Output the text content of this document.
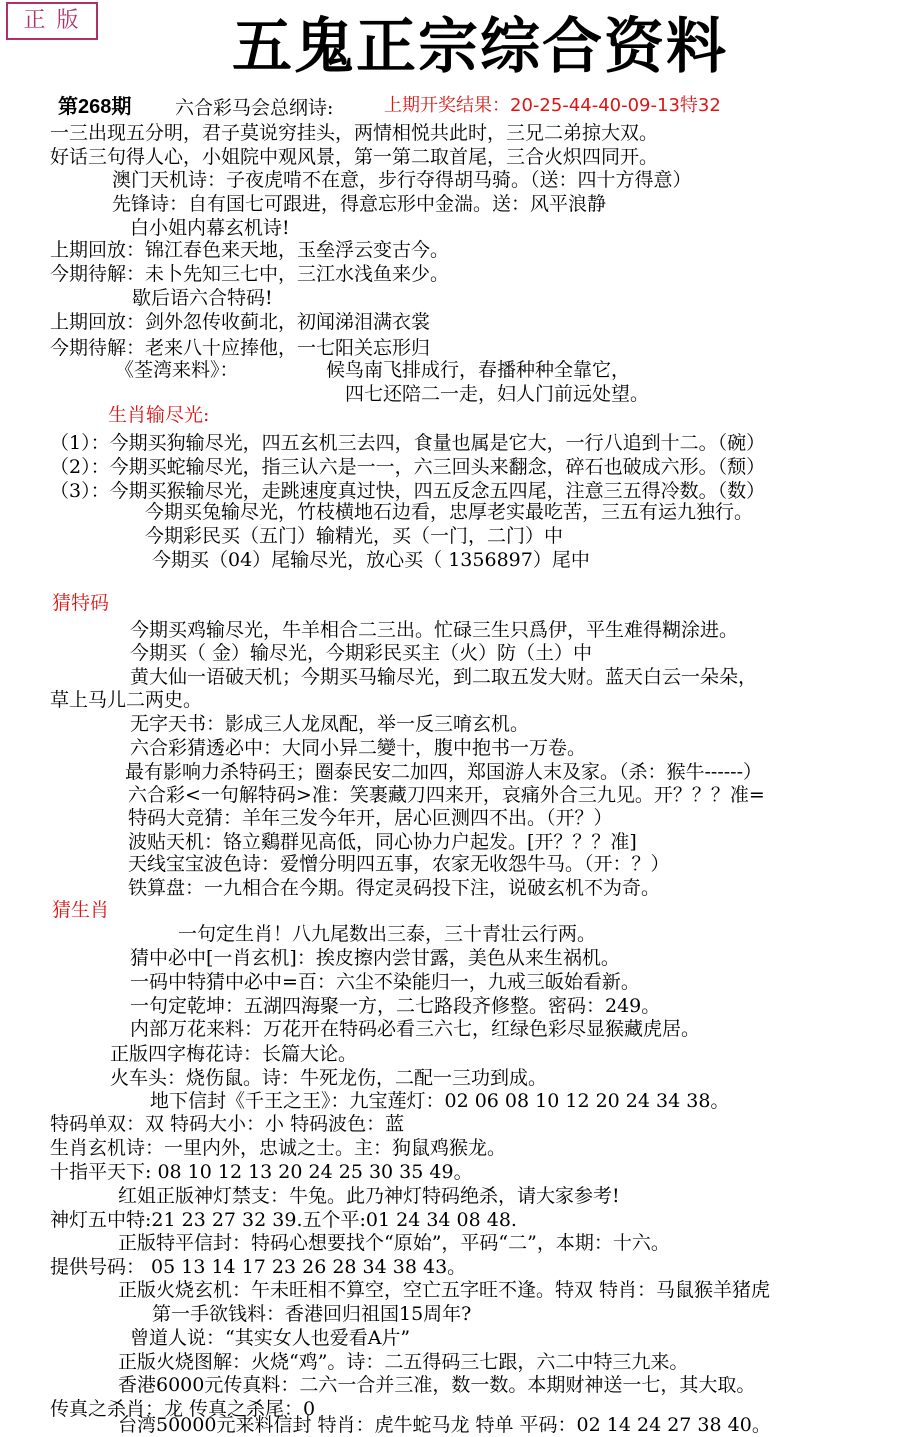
正 版	五鬼正宗综合资料
第268期	上期开奖结果：20-25-44-40-09-13特32
六合彩马会总纲诗:
一三出现五分明，君子莫说穷挂头，两情相悦共此时，三兄二弟掠大双。
好话三句得人心，小姐院中观风景，第一第二取首尾，三合火炽四同开。
澳门天机诗：子夜虎啃不在意，步行夺得胡马骑。（送：四十方得意）
先锋诗：自有国七可跟进，得意忘形中金湍。送：风平浪静
白小姐内幕玄机诗!
上期回放：锦江春色来天地，玉垒浮云变古今。
今期待解：未卜先知三七中，三江水浅鱼来少。
歇后语六合特码!
上期回放：剑外忽传收蓟北，初闻涕泪满衣裳
今期待解：老来八十应捧他，一七阳关忘形归
《荃湾来料》：	候鸟南飞排成行，春播种种全靠它，
四七还陪二一走，妇人门前远处望。
生肖输尽光:
（1）：今期买狗输尽光，四五玄机三去四，食量也属是它大，一行八追到十二。（碗）
（2）：今期买蛇输尽光，指三认六是一一，六三回头来翻念，碎石也破成六形。（颓）
（3）：今期买猴输尽光，走跳速度真过快，四五反念五四尾，注意三五得冷数。（数）
今期买兔输尽光，竹枝横地石边看，忠厚老实最吃苦，三五有运九独行。
今期彩民买（五门）输精光，买（一门，二门）中
今期买（04）尾输尽光，放心买（ 1356897）尾中
猜特码
今期买鸡输尽光，牛羊相合二三出。忙碌三生只爲伊，平生难得糊涂进。
今期买（ 金）输尽光，今期彩民买主（火）防（土）中
黄大仙一语破天机；今期买马输尽光，到二取五发大财。蓝天白云一朵朵，
草上马儿二两史。
无字天书：影成三人龙凤配，举一反三唷玄机。
六合彩猜透必中：大同小异二變十，腹中抱书一万卷。
最有影响力杀特码王；圈泰民安二加四，郑国游人末及家。（杀：猴牛------）
六合彩<一句解特码>准：笑裹藏刀四来开，哀痛外合三九见。开？？？准=
特码大竞猜：羊年三发今年开，居心叵测四不出。（开？）
波贴天机：铬立鷄群见高低，同心协力户起发。[开？？？准]
天线宝宝波色诗：爱憎分明四五事，农家无收怨牛马。（开：？）
铁算盘：一九相合在今期。得定灵码投下注，说破玄机不为奇。
猜生肖
一句定生肖！八九尾数出三泰，三十青壮云行两。
猜中必中[一肖玄机]：挨皮擦内尝甘露，美色从来生祸机。
一码中特猜中必中=百：六尘不染能归一，九戒三皈始看新。
一句定乾坤：五湖四海聚一方，二七路段齐修整。密码：249。
内部万花来料：万花开在特码必看三六七，红绿色彩尽显猴藏虎居。
正版四字梅花诗：长篇大论。
火车头：烧伤鼠。诗：牛死龙伤，二配一三功到成。
地下信封《千王之王》：九宝莲灯：02 06 08 10 12 20 24 34 38。
特码单双：双 特码大小：小 特码波色：蓝
生肖玄机诗：一里内外，忠诚之士。主：狗鼠鸡猴龙。
十指平天下: 08 10 12 13 20 24 25 30 35 49。
红姐正版神灯禁支：牛兔。此乃神灯特码绝杀，请大家参考!
神灯五中特:21 23 27 32 39.五个平:01 24 34 08 48.
正版特平信封：特码心想要找个“原始”，平码“二”，本期：十六。
提供号码： 05 13 14 17 23 26 28 34 38 43。
正版火烧玄机：午未旺相不算空，空亡五字旺不逢。特双 特肖：马鼠猴羊猪虎
第一手欲钱料：香港回归祖国15周年?
曾道人说：“其实女人也爱看A片”
正版火烧图解：火烧“鸡”。诗：二五得码三七跟，六二中特三九来。
香港6000元传真料：二六一合并三准，数一数。本期财神送一七，其大取。
传真之杀肖：龙 传真之杀尾：0
台湾50000元来料信封 特肖：虎牛蛇马龙 特单 平码：02 14 24 27 38 40。
